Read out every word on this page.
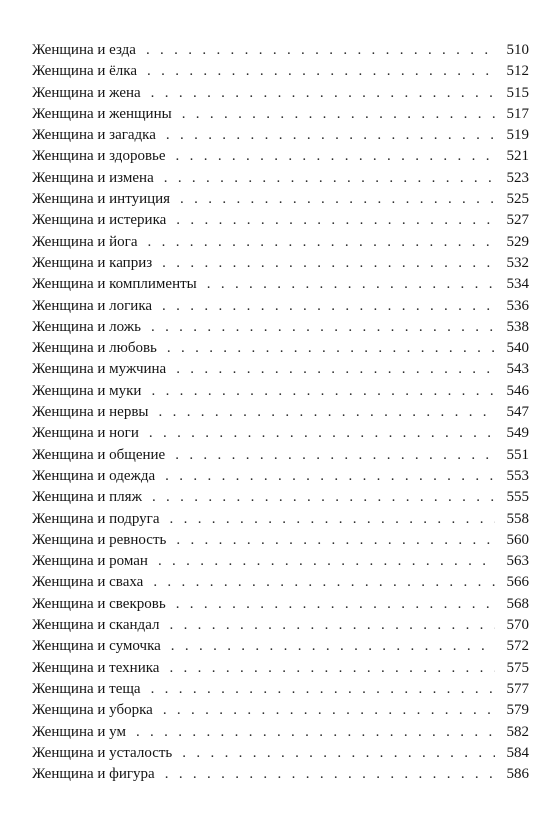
Женщина и езда . . .	510
Женщина и ёлка . . .	512
Женщина и жена . . .	515
Женщина и женщины . . .	517
Женщина и загадка . . .	519
Женщина и здоровье . . .	521
Женщина и измена . . .	523
Женщина и интуиция . . .	525
Женщина и истерика . . .	527
Женщина и йога . . .	529
Женщина и каприз . . .	532
Женщина и комплименты . . .	534
Женщина и логика . . .	536
Женщина и ложь . . .	538
Женщина и любовь . . .	540
Женщина и мужчина . . .	543
Женщина и муки . . .	546
Женщина и нервы . . .	547
Женщина и ноги . . .	549
Женщина и общение . . .	551
Женщина и одежда . . .	553
Женщина и пляж . . .	555
Женщина и подруга . . .	558
Женщина и ревность . . .	560
Женщина и роман . . .	563
Женщина и сваха . . .	566
Женщина и свекровь . . .	568
Женщина и скандал . . .	570
Женщина и сумочка . . .	572
Женщина и техника . . .	575
Женщина и теща . . .	577
Женщина и уборка . . .	579
Женщина и ум . . .	582
Женщина и усталость . . .	584
Женщина и фигура . . .	586
